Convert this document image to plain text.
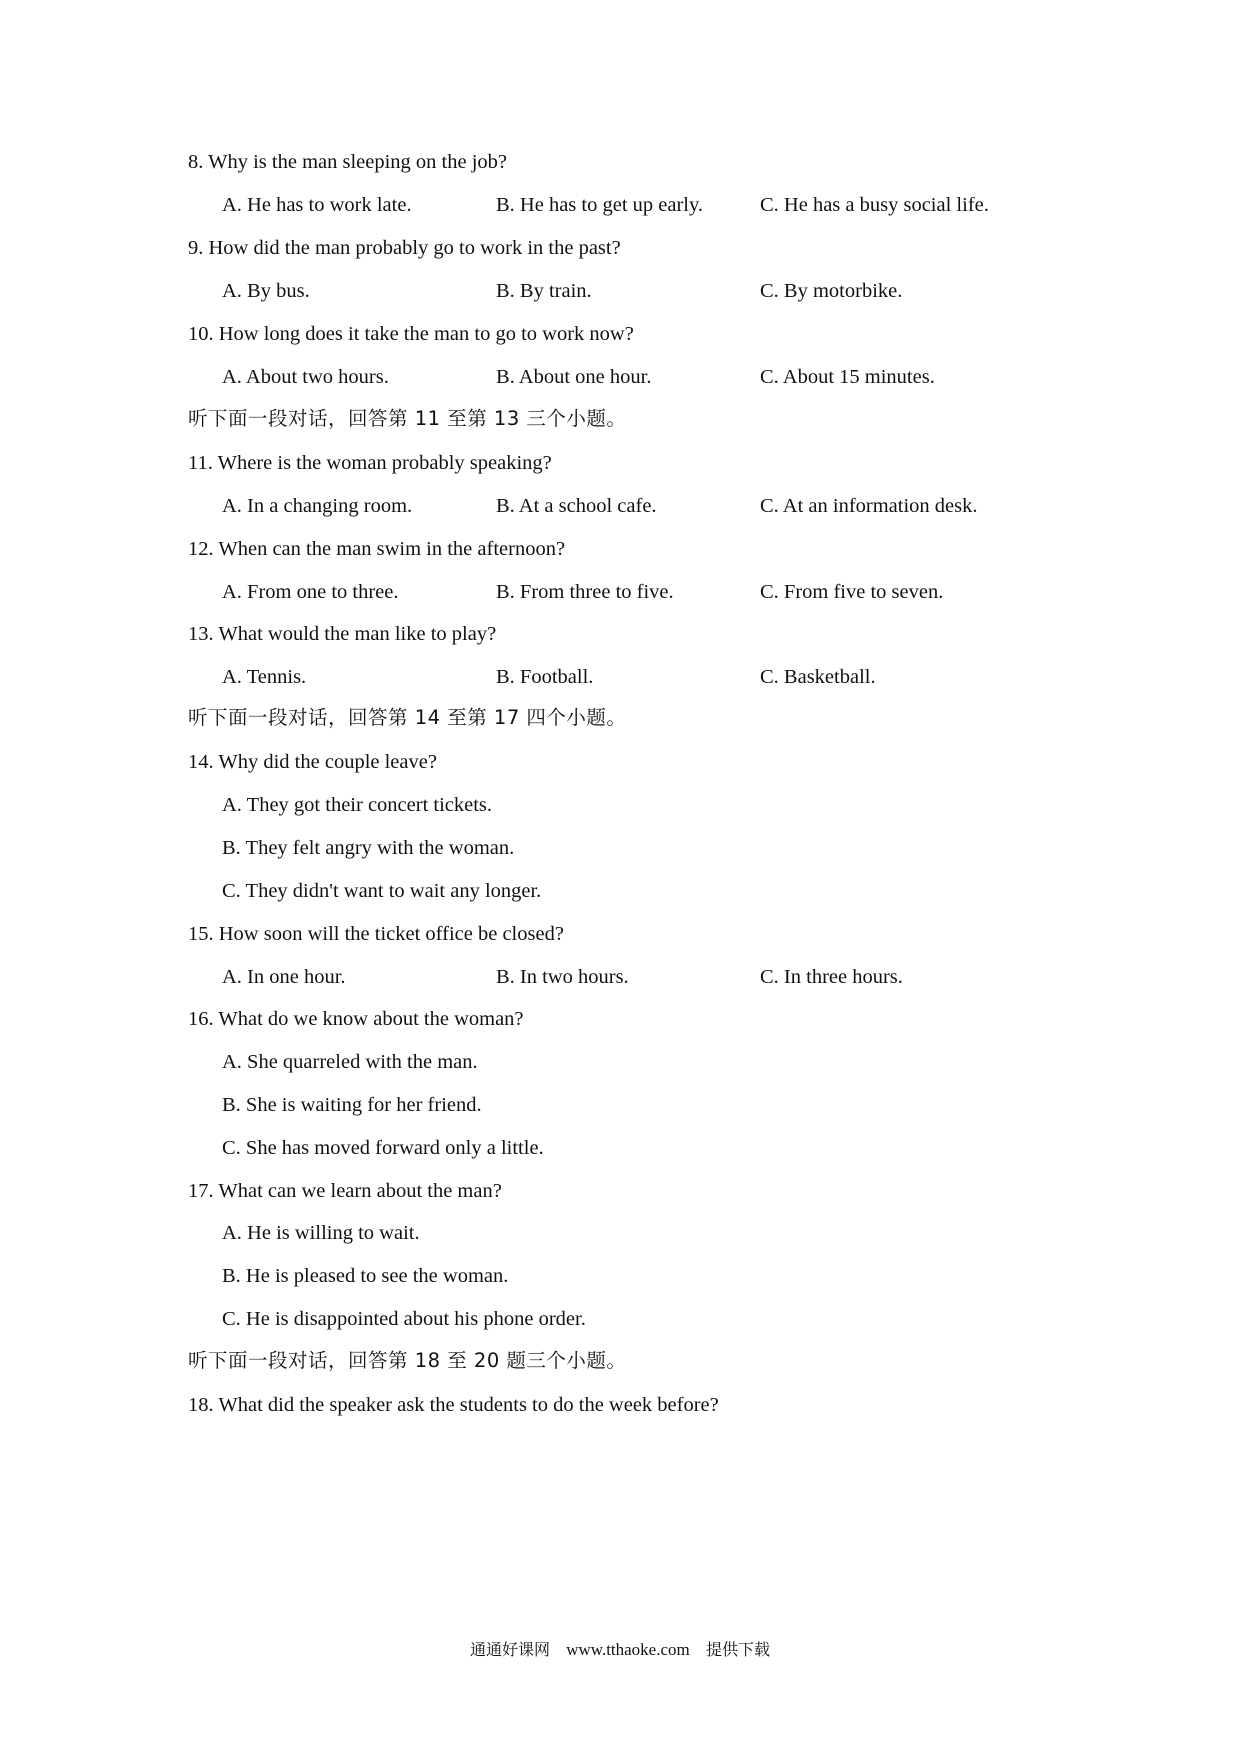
8. Why is the man sleeping on the job?
A. He has to work late.	B. He has to get up early.	C. He has a busy social life.
9. How did the man probably go to work in the past?
A. By bus.	B. By train.	C. By motorbike.
10. How long does it take the man to go to work now?
A. About two hours.	B. About one hour.	C. About 15 minutes.
听下面一段对话，回答第 11 至第 13 三个小题。
11. Where is the woman probably speaking?
A. In a changing room.	B. At a school cafe.	C. At an information desk.
12. When can the man swim in the afternoon?
A. From one to three.	B. From three to five.	C. From five to seven.
13. What would the man like to play?
A. Tennis.	B. Football.	C. Basketball.
听下面一段对话，回答第 14 至第 17 四个小题。
14. Why did the couple leave?
A. They got their concert tickets.
B. They felt angry with the woman.
C. They didn't want to wait any longer.
15. How soon will the ticket office be closed?
A. In one hour.	B. In two hours.	C. In three hours.
16. What do we know about the woman?
A. She quarreled with the man.
B. She is waiting for her friend.
C. She has moved forward only a little.
17. What can we learn about the man?
A. He is willing to wait.
B. He is pleased to see the woman.
C. He is disappointed about his phone order.
听下面一段对话，回答第 18 至 20 题三个小题。
18. What did the speaker ask the students to do the week before?
通通好课网 www.tthaoke.com 提供下载
